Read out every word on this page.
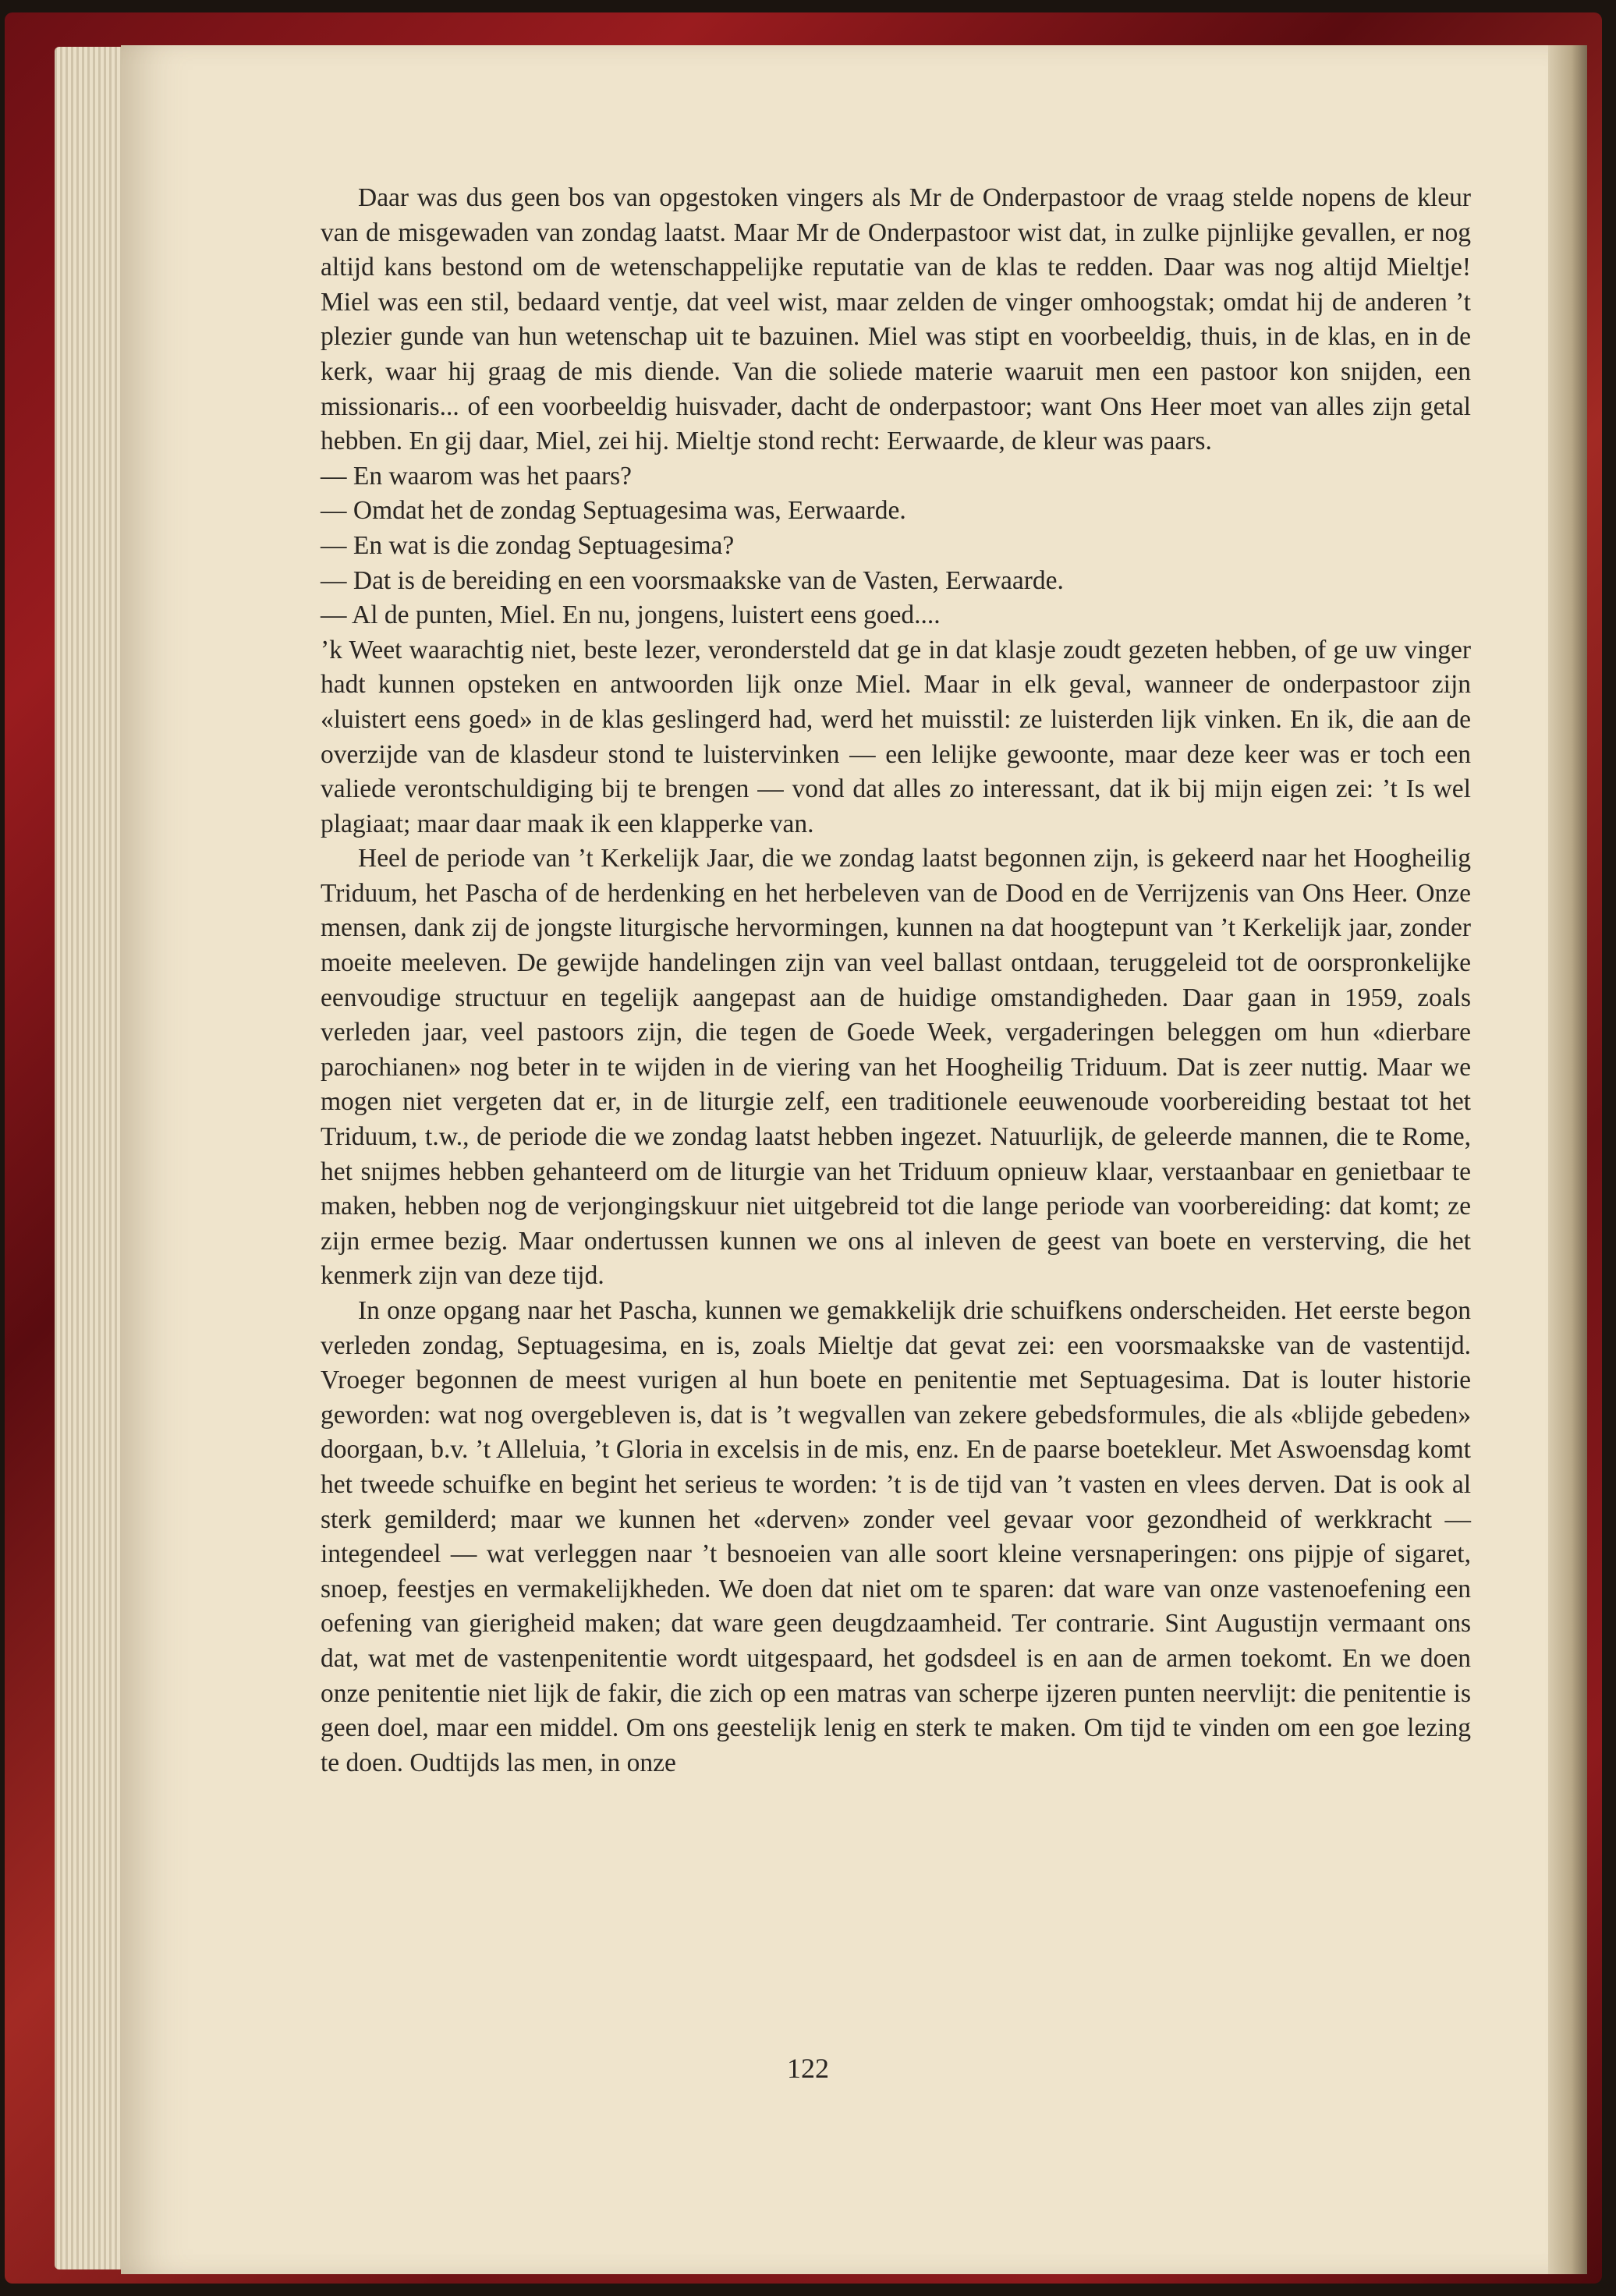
Daar was dus geen bos van opgestoken vingers als Mr de Onderpastoor de vraag stelde nopens de kleur van de misgewaden van zondag laatst. Maar Mr de Onderpastoor wist dat, in zulke pijnlijke gevallen, er nog altijd kans bestond om de wetenschappelijke reputatie van de klas te redden. Daar was nog altijd Mieltje! Miel was een stil, bedaard ventje, dat veel wist, maar zelden de vinger omhoogstak; omdat hij de anderen ’t plezier gunde van hun wetenschap uit te bazuinen. Miel was stipt en voorbeeldig, thuis, in de klas, en in de kerk, waar hij graag de mis diende. Van die soliede materie waaruit men een pastoor kon snijden, een missionaris... of een voorbeeldig huisvader, dacht de onderpastoor; want Ons Heer moet van alles zijn getal hebben. En gij daar, Miel, zei hij. Mieltje stond recht: Eerwaarde, de kleur was paars.

— En waarom was het paars?

— Omdat het de zondag Septuagesima was, Eerwaarde.

— En wat is die zondag Septuagesima?

— Dat is de bereiding en een voorsmaakske van de Vasten, Eerwaarde.

— Al de punten, Miel. En nu, jongens, luistert eens goed....

’k Weet waarachtig niet, beste lezer, verondersteld dat ge in dat klasje zoudt gezeten hebben, of ge uw vinger hadt kunnen opsteken en antwoorden lijk onze Miel. Maar in elk geval, wanneer de onderpastoor zijn «luistert eens goed» in de klas geslingerd had, werd het muisstil: ze luisterden lijk vinken. En ik, die aan de overzijde van de klasdeur stond te luistervinken — een lelijke gewoonte, maar deze keer was er toch een valiede verontschuldiging bij te brengen — vond dat alles zo interessant, dat ik bij mijn eigen zei: ’t Is wel plagiaat; maar daar maak ik een klapperke van.

Heel de periode van ’t Kerkelijk Jaar, die we zondag laatst begonnen zijn, is gekeerd naar het Hoogheilig Triduum, het Pascha of de herdenking en het herbeleven van de Dood en de Verrijzenis van Ons Heer. Onze mensen, dank zij de jongste liturgische hervormingen, kunnen na dat hoogtepunt van ’t Kerkelijk jaar, zonder moeite meeleven. De gewijde handelingen zijn van veel ballast ontdaan, teruggeleid tot de oorspronkelijke eenvoudige structuur en tegelijk aangepast aan de huidige omstandigheden. Daar gaan in 1959, zoals verleden jaar, veel pastoors zijn, die tegen de Goede Week, vergaderingen beleggen om hun «dierbare parochianen» nog beter in te wijden in de viering van het Hoogheilig Triduum. Dat is zeer nuttig. Maar we mogen niet vergeten dat er, in de liturgie zelf, een traditionele eeuwenoude voorbereiding bestaat tot het Triduum, t.w., de periode die we zondag laatst hebben ingezet. Natuurlijk, de geleerde mannen, die te Rome, het snijmes hebben gehanteerd om de liturgie van het Triduum opnieuw klaar, verstaanbaar en genietbaar te maken, hebben nog de verjongingskuur niet uitgebreid tot die lange periode van voorbereiding: dat komt; ze zijn ermee bezig. Maar ondertussen kunnen we ons al inleven de geest van boete en versterving, die het kenmerk zijn van deze tijd.

In onze opgang naar het Pascha, kunnen we gemakkelijk drie schuifkens onderscheiden. Het eerste begon verleden zondag, Septuagesima, en is, zoals Mieltje dat gevat zei: een voorsmaakske van de vastentijd. Vroeger begonnen de meest vurigen al hun boete en penitentie met Septuagesima. Dat is louter historie geworden: wat nog overgebleven is, dat is ’t wegvallen van zekere gebedsformules, die als «blijde gebeden» doorgaan, b.v. ’t Alleluia, ’t Gloria in excelsis in de mis, enz. En de paarse boetekleur. Met Aswoensdag komt het tweede schuifke en begint het serieus te worden: ’t is de tijd van ’t vasten en vlees derven. Dat is ook al sterk gemilderd; maar we kunnen het «derven» zonder veel gevaar voor gezondheid of werkkracht — integendeel — wat verleggen naar ’t besnoeien van alle soort kleine versnaperingen: ons pijpje of sigaret, snoep, feestjes en vermakelijkheden. We doen dat niet om te sparen: dat ware van onze vastenoefening een oefening van gierigheid maken; dat ware geen deugdzaamheid. Ter contrarie. Sint Augustijn vermaant ons dat, wat met de vastenpenitentie wordt uitgespaard, het godsdeel is en aan de armen toekomt. En we doen onze penitentie niet lijk de fakir, die zich op een matras van scherpe ijzeren punten neervlijt: die penitentie is geen doel, maar een middel. Om ons geestelijk lenig en sterk te maken. Om tijd te vinden om een goe lezing te doen. Oudtijds las men, in onze

122
